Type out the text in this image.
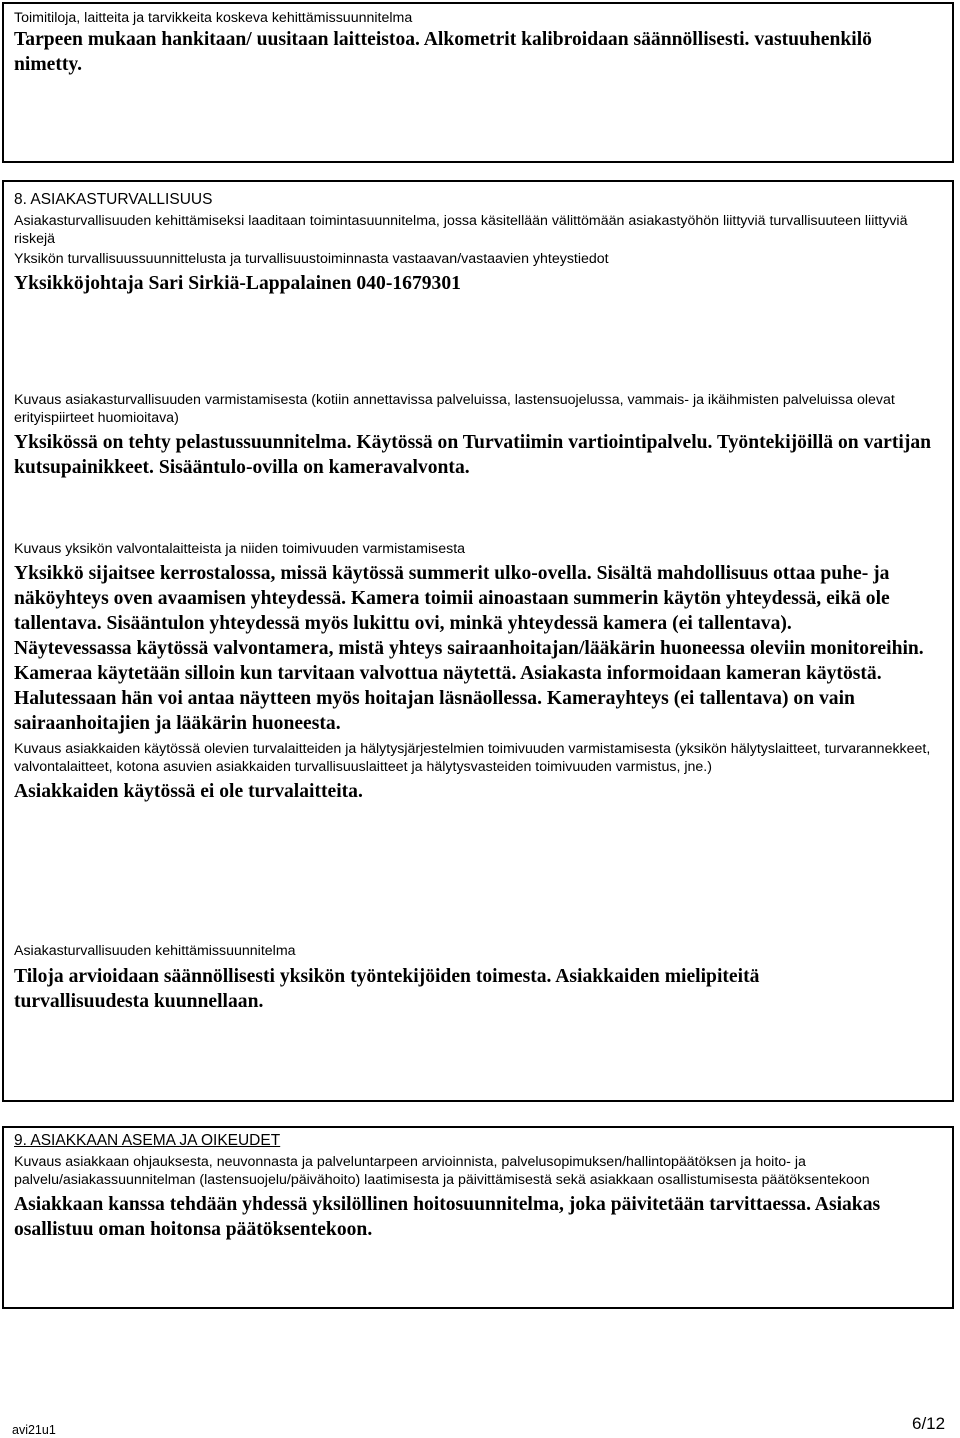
Toimitiloja, laitteita ja tarvikkeita koskeva kehittämissuunnitelma

Tarpeen mukaan hankitaan/ uusitaan laitteistoa. Alkometrit kalibroidaan säännöllisesti. vastuuhenkilö nimetty.

8. ASIAKASTURVALLISUUS

Asiakasturvallisuuden kehittämiseksi laaditaan toimintasuunnitelma, jossa käsitellään välittömään asiakastyöhön liittyviä turvallisuuteen liittyviä riskejä

Yksikön turvallisuussuunnittelusta ja turvallisuustoiminnasta vastaavan/vastaavien yhteystiedot

Yksikköjohtaja Sari Sirkiä-Lappalainen 040-1679301

Kuvaus asiakasturvallisuuden varmistamisesta (kotiin annettavissa palveluissa, lastensuojelussa, vammais- ja ikäihmisten palveluissa olevat erityispiirteet huomioitava)

Yksikössä on tehty pelastussuunnitelma. Käytössä on Turvatiimin vartiointipalvelu. Työntekijöillä on vartijan kutsupainikkeet. Sisääntulo-ovilla on kameravalvonta.

Kuvaus yksikön valvontalaitteista ja niiden toimivuuden varmistamisesta

Yksikkö sijaitsee kerrostalossa, missä käytössä summerit ulko-ovella. Sisältä mahdollisuus ottaa puhe- ja näköyhteys oven avaamisen yhteydessä. Kamera toimii ainoastaan summerin käytön yhteydessä, eikä ole tallentava. Sisääntulon yhteydessä myös lukittu ovi, minkä yhteydessä kamera (ei tallentava).

Näytevessassa käytössä valvontamera, mistä yhteys sairaanhoitajan/lääkärin huoneessa oleviin monitoreihin. Kameraa käytetään silloin kun tarvitaan valvottua näytettä. Asiakasta informoidaan kameran käytöstä. Halutessaan hän voi antaa näytteen myös hoitajan läsnäollessa. Kamerayhteys (ei tallentava) on vain sairaanhoitajien ja lääkärin huoneesta.

Kuvaus asiakkaiden käytössä olevien turvalaitteiden ja hälytysjärjestelmien toimivuuden varmistamisesta (yksikön hälytyslaitteet, turvarannekkeet, valvontalaitteet, kotona asuvien asiakkaiden turvallisuuslaitteet ja hälytysvasteiden toimivuuden varmistus, jne.)

Asiakkaiden käytössä ei ole turvalaitteita.

Asiakasturvallisuuden kehittämissuunnitelma

Tiloja arvioidaan säännöllisesti yksikön työntekijöiden toimesta. Asiakkaiden mielipiteitä turvallisuudesta kuunnellaan.

9. ASIAKKAAN ASEMA JA OIKEUDET

Kuvaus asiakkaan ohjauksesta, neuvonnasta ja palveluntarpeen arvioinnista, palvelusopimuksen/hallintopäätöksen ja hoito- ja palvelu/asiakassuunnitelman (lastensuojelu/päivähoito) laatimisesta ja päivittämisestä sekä asiakkaan osallistumisesta päätöksentekoon

Asiakkaan kanssa tehdään yhdessä yksilöllinen hoitosuunnitelma, joka päivitetään tarvittaessa. Asiakas osallistuu oman hoitonsa päätöksentekoon.

avi21u1	6/12
